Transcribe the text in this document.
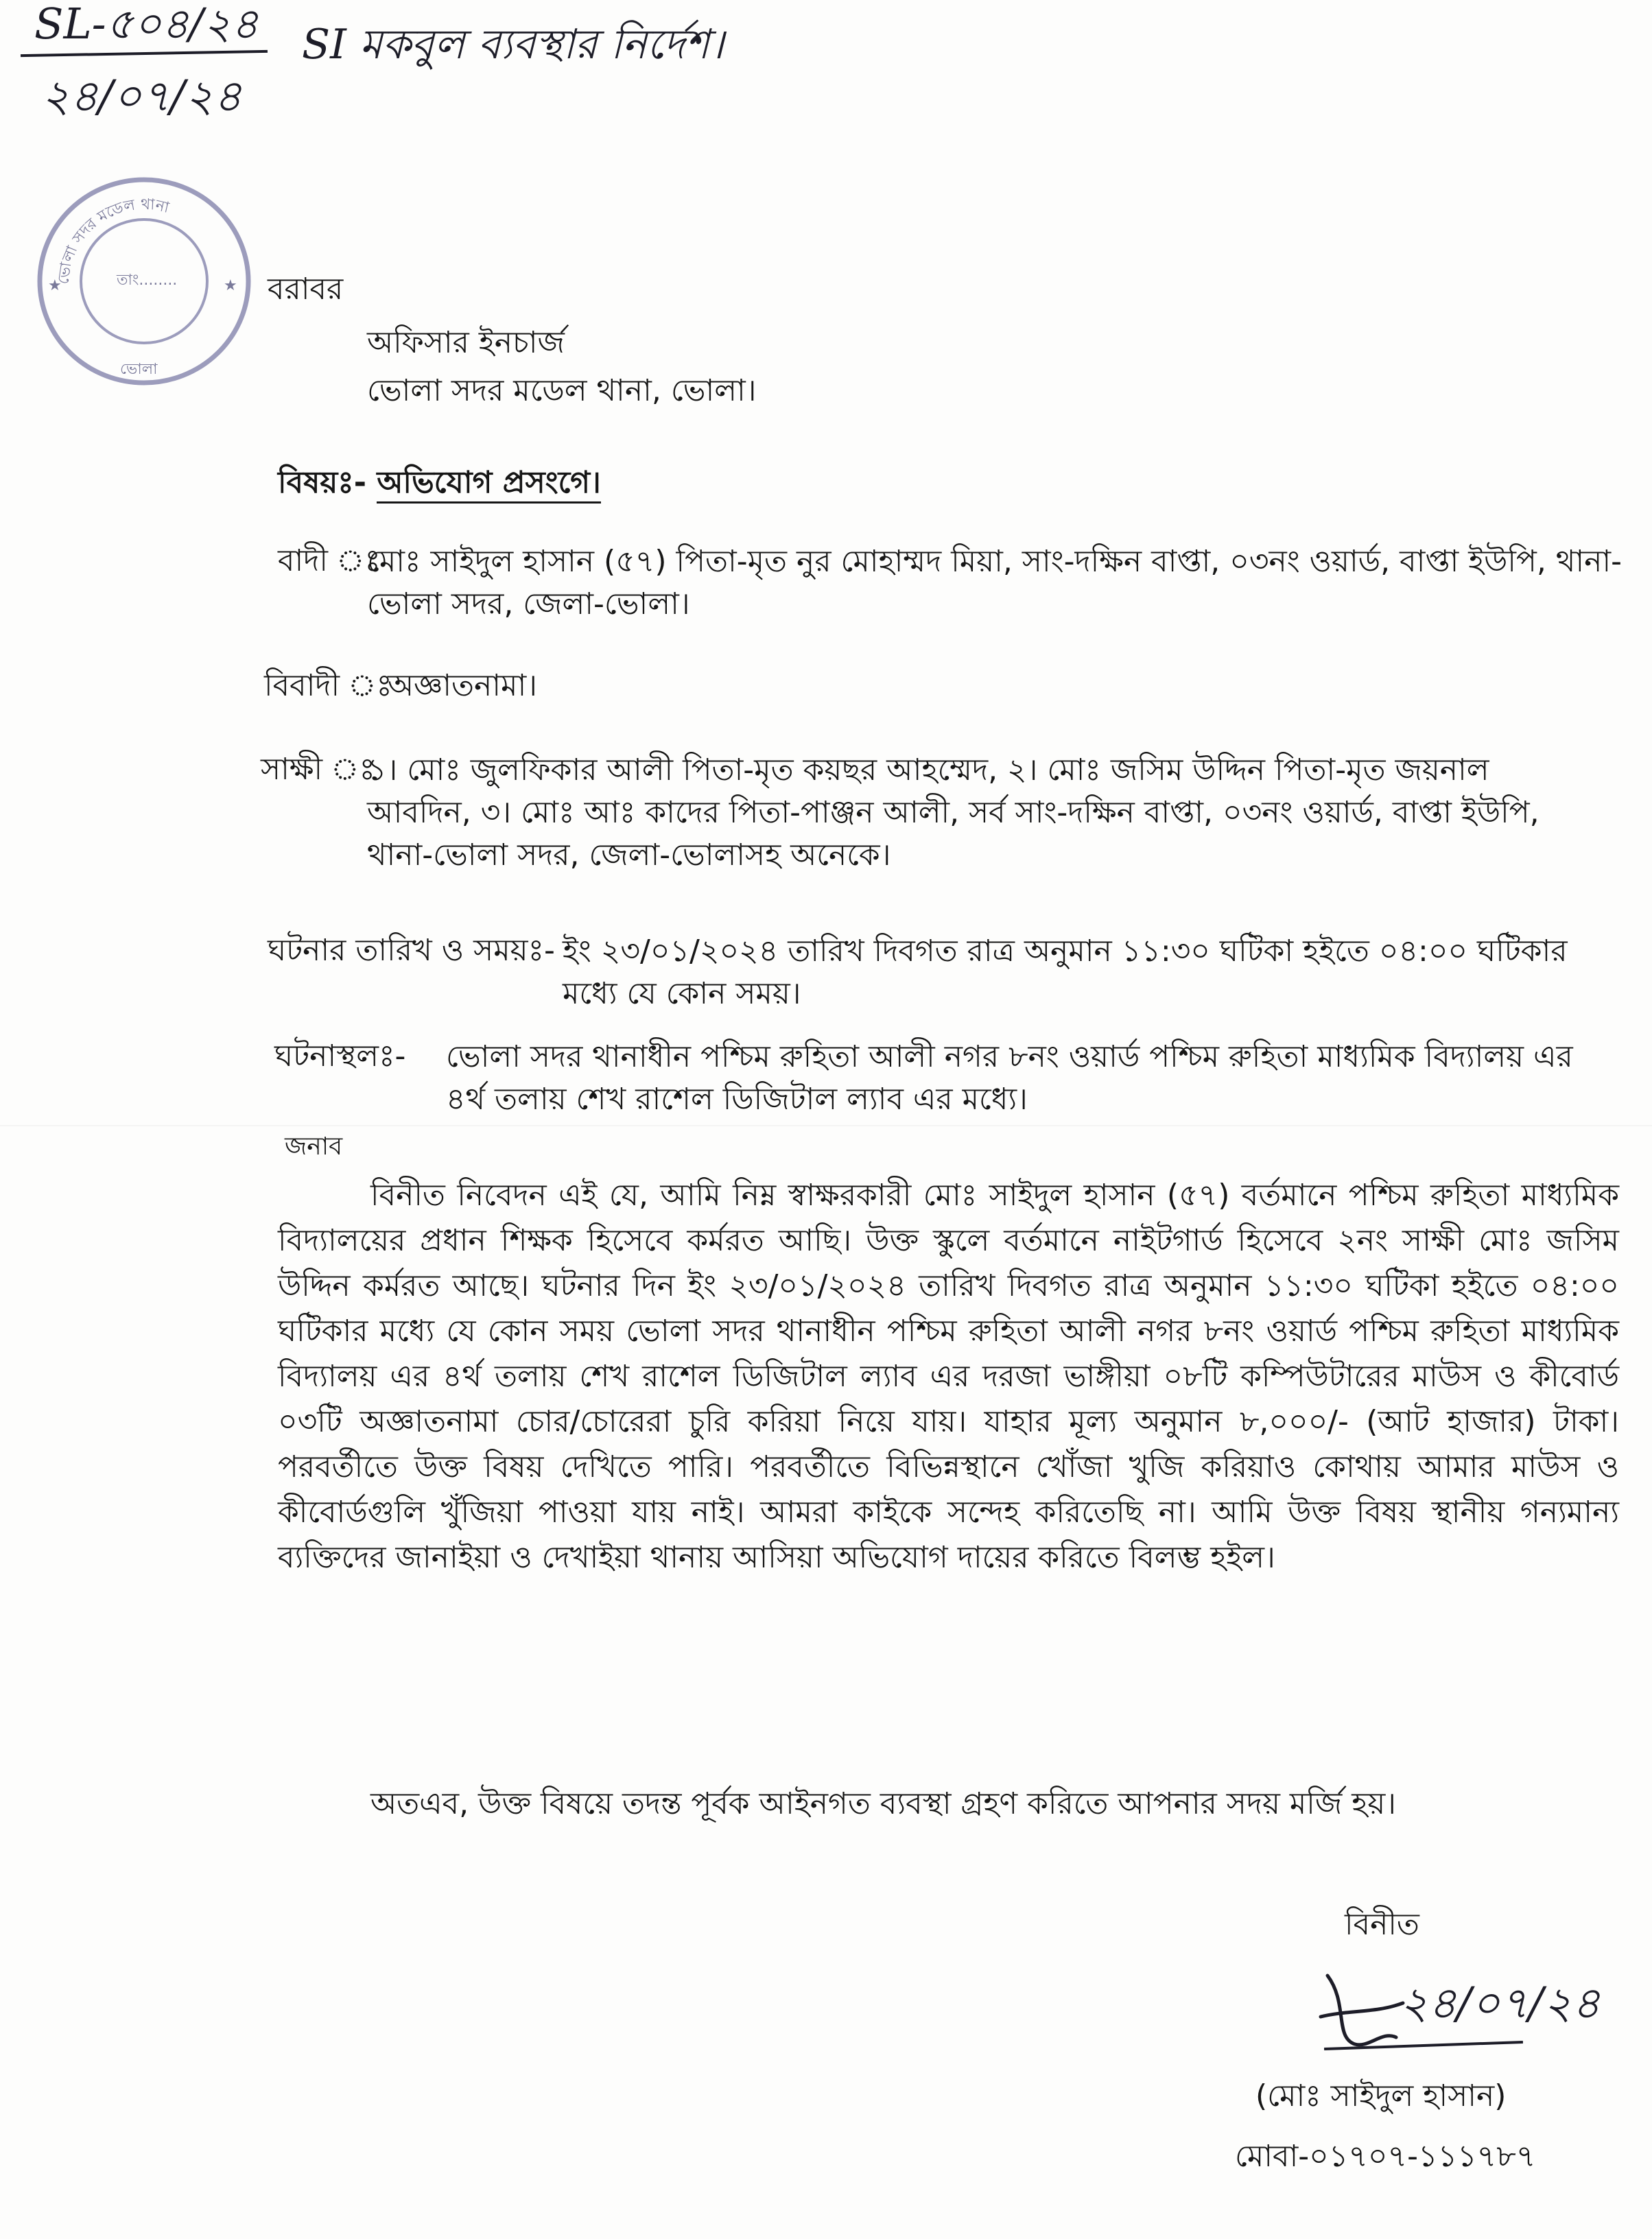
SL-৫০৪/২৪
২৪/০৭/২৪
SI মকবুল ব্যবস্থার নির্দেশ।
★	★
ভোলা সদর মডেল থানা
তাং........
ভোলা
বরাবর
অফিসার ইনচার্জ
ভোলা সদর মডেল থানা, ভোলা।
বিষয়ঃ- অভিযোগ প্রসংগে।
বাদী ঃ
মোঃ সাইদুল হাসান (৫৭) পিতা-মৃত নুর মোহাম্মদ মিয়া, সাং-দক্ষিন বাপ্তা, ০৩নং ওয়ার্ড, বাপ্তা ইউপি, থানা-ভোলা সদর, জেলা-ভোলা।
বিবাদী ঃ
অজ্ঞাতনামা।
সাক্ষী ঃ
১। মোঃ জুলফিকার আলী পিতা-মৃত কয়ছর আহম্মেদ, ২। মোঃ জসিম উদ্দিন পিতা-মৃত জয়নাল আবদিন, ৩। মোঃ আঃ কাদের পিতা-পাঞ্জন আলী, সর্ব সাং-দক্ষিন বাপ্তা, ০৩নং ওয়ার্ড, বাপ্তা ইউপি, থানা-ভোলা সদর, জেলা-ভোলাসহ অনেকে।
ঘটনার তারিখ ও সময়ঃ- ইং ২৩/০১/২০২৪ তারিখ দিবগত রাত্র অনুমান ১১:৩০ ঘটিকা হইতে ০৪:০০ ঘটিকার মধ্যে যে কোন সময়।
ঘটনাস্থলঃ- ভোলা সদর থানাধীন পশ্চিম রুহিতা আলী নগর ৮নং ওয়ার্ড পশ্চিম রুহিতা মাধ্যমিক বিদ্যালয় এর ৪র্থ তলায় শেখ রাশেল ডিজিটাল ল্যাব এর মধ্যে।
জনাব
বিনীত নিবেদন এই যে, আমি নিম্ন স্বাক্ষরকারী মোঃ সাইদুল হাসান (৫৭) বর্তমানে পশ্চিম রুহিতা মাধ্যমিক বিদ্যালয়ের প্রধান শিক্ষক হিসেবে কর্মরত আছি। উক্ত স্কুলে বর্তমানে নাইটগার্ড হিসেবে ২নং সাক্ষী মোঃ জসিম উদ্দিন কর্মরত আছে। ঘটনার দিন ইং ২৩/০১/২০২৪ তারিখ দিবগত রাত্র অনুমান ১১:৩০ ঘটিকা হইতে ০৪:০০ ঘটিকার মধ্যে যে কোন সময় ভোলা সদর থানাধীন পশ্চিম রুহিতা আলী নগর ৮নং ওয়ার্ড পশ্চিম রুহিতা মাধ্যমিক বিদ্যালয় এর ৪র্থ তলায় শেখ রাশেল ডিজিটাল ল্যাব এর দরজা ভাঙ্গীয়া ০৮টি কম্পিউটারের মাউস ও কীবোর্ড ০৩টি অজ্ঞাতনামা চোর/চোরেরা চুরি করিয়া নিয়ে যায়। যাহার মূল্য অনুমান ৮,০০০/- (আট হাজার) টাকা। পরবর্তীতে উক্ত বিষয় দেখিতে পারি। পরবর্তীতে বিভিন্নস্থানে খোঁজা খুজি করিয়াও কোথায় আমার মাউস ও কীবোর্ডগুলি খুঁজিয়া পাওয়া যায় নাই। আমরা কাইকে সন্দেহ করিতেছি না। আমি উক্ত বিষয় স্থানীয় গন্যমান্য ব্যক্তিদের জানাইয়া ও দেখাইয়া থানায় আসিয়া অভিযোগ দায়ের করিতে বিলম্ভ হইল।
অতএব, উক্ত বিষয়ে তদন্ত পূর্বক আইনগত ব্যবস্থা গ্রহণ করিতে আপনার সদয় মর্জি হয়।
বিনীত
২৪/০৭/২৪
(মোঃ সাইদুল হাসান)
মোবা-০১৭০৭-১১১৭৮৭
